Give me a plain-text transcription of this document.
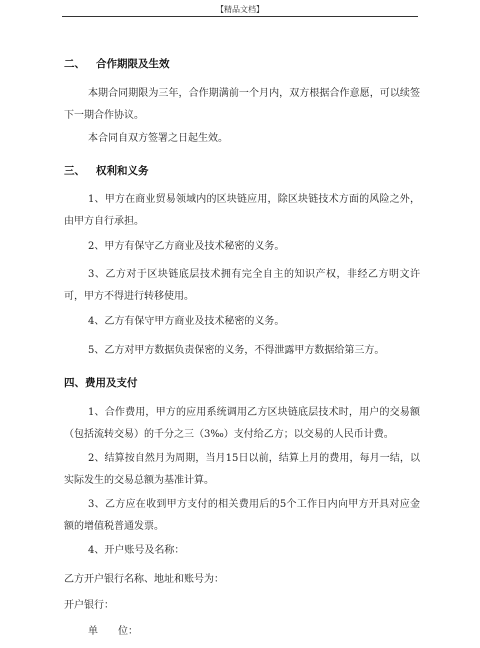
【精品文档】
二、 合作期限及生效
本期合同期限为三年，合作期满前一个月内，双方根据合作意愿，可以续签下一期合作协议。
本合同自双方签署之日起生效。
三、 权利和义务
1、甲方在商业贸易领域内的区块链应用，除区块链技术方面的风险之外，由甲方自行承担。
2、甲方有保守乙方商业及技术秘密的义务。
3、乙方对于区块链底层技术拥有完全自主的知识产权，非经乙方明文许可，甲方不得进行转移使用。
4、乙方有保守甲方商业及技术秘密的义务。
5、乙方对甲方数据负责保密的义务，不得泄露甲方数据给第三方。
四、费用及支付
1、合作费用，甲方的应用系统调用乙方区块链底层技术时，用户的交易额（包括流转交易）的千分之三（3‰）支付给乙方；以交易的人民币计费。
2、结算按自然月为周期，当月15日以前，结算上月的费用，每月一结，以实际发生的交易总额为基准计算。
3、乙方应在收到甲方支付的相关费用后的5个工作日内向甲方开具对应金额的增值税普通发票。
4、开户账号及名称：
乙方开户银行名称、地址和账号为：
开户银行：
单　　位：
